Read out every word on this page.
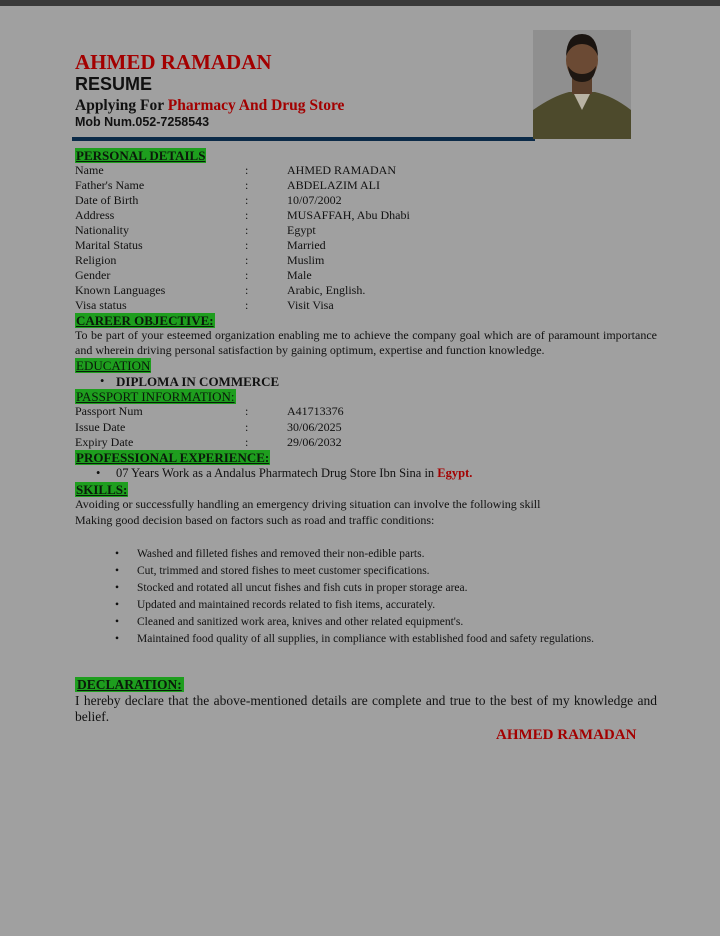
AHMED RAMADAN
RESUME
Applying For Pharmacy And Drug Store
Mob Num.052-7258543
PERSONAL DETAILS
Name	:	AHMED RAMADAN
Father's Name	:	ABDELAZIM ALI
Date of Birth	:	10/07/2002
Address	:	MUSAFFAH, Abu Dhabi
Nationality	:	Egypt
Marital Status	:	Married
Religion	:	Muslim
Gender	:	Male
Known Languages	:	Arabic, English.
Visa status	:	Visit Visa
CAREER OBJECTIVE:
To be part of your esteemed organization enabling me to achieve the company goal which are of paramount importance and wherein driving personal satisfaction by gaining optimum, expertise and function knowledge.
EDUCATION
• DIPLOMA IN COMMERCE
PASSPORT INFORMATION:
Passport Num	:	A41713376
Issue Date	:	30/06/2025
Expiry Date	:	29/06/2032
PROFESSIONAL EXPERIENCE:
• 07 Years Work as a Andalus Pharmatech Drug Store Ibn Sina in Egypt.
SKILLS:
Avoiding or successfully handling an emergency driving situation can involve the following skill
Making good decision based on factors such as road and traffic conditions:
• Washed and filleted fishes and removed their non-edible parts.
• Cut, trimmed and stored fishes to meet customer specifications.
• Stocked and rotated all uncut fishes and fish cuts in proper storage area.
• Updated and maintained records related to fish items, accurately.
• Cleaned and sanitized work area, knives and other related equipment's.
• Maintained food quality of all supplies, in compliance with established food and safety regulations.
DECLARATION:
I hereby declare that the above-mentioned details are complete and true to the best of my knowledge and belief.
AHMED RAMADAN
